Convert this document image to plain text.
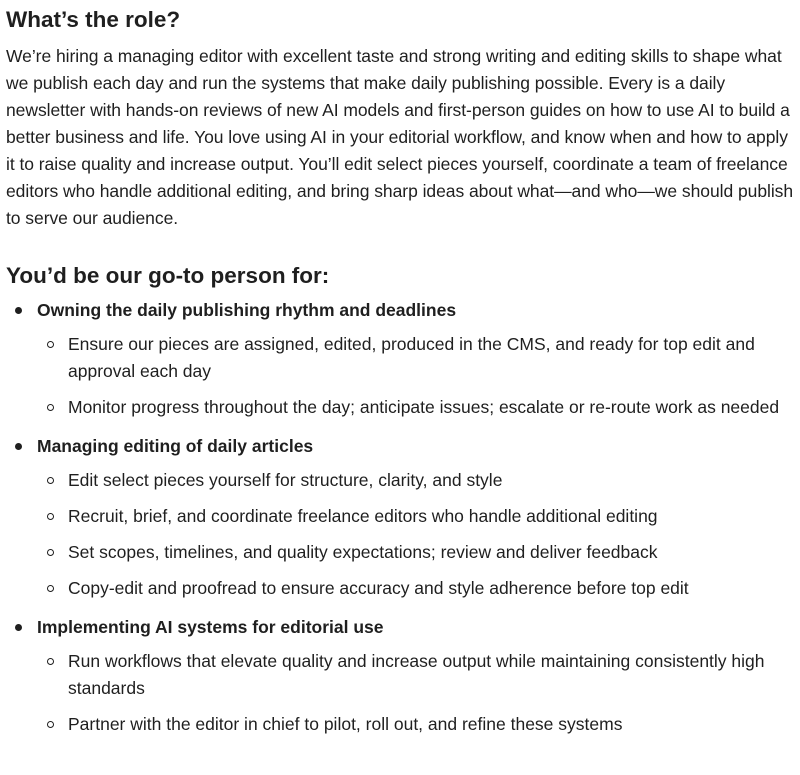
What’s the role?

We’re hiring a managing editor with excellent taste and strong writing and editing skills to shape what we publish each day and run the systems that make daily publishing possible. Every is a daily newsletter with hands-on reviews of new AI models and first-person guides on how to use AI to build a better business and life. You love using AI in your editorial workflow, and know when and how to apply it to raise quality and increase output. You’ll edit select pieces yourself, coordinate a team of freelance editors who handle additional editing, and bring sharp ideas about what—and who—we should publish to serve our audience.

You’d be our go-to person for:
Owning the daily publishing rhythm and deadlines
Ensure our pieces are assigned, edited, produced in the CMS, and ready for top edit and approval each day
Monitor progress throughout the day; anticipate issues; escalate or re-route work as needed
Managing editing of daily articles
Edit select pieces yourself for structure, clarity, and style
Recruit, brief, and coordinate freelance editors who handle additional editing
Set scopes, timelines, and quality expectations; review and deliver feedback
Copy-edit and proofread to ensure accuracy and style adherence before top edit
Implementing AI systems for editorial use
Run workflows that elevate quality and increase output while maintaining consistently high standards
Partner with the editor in chief to pilot, roll out, and refine these systems
